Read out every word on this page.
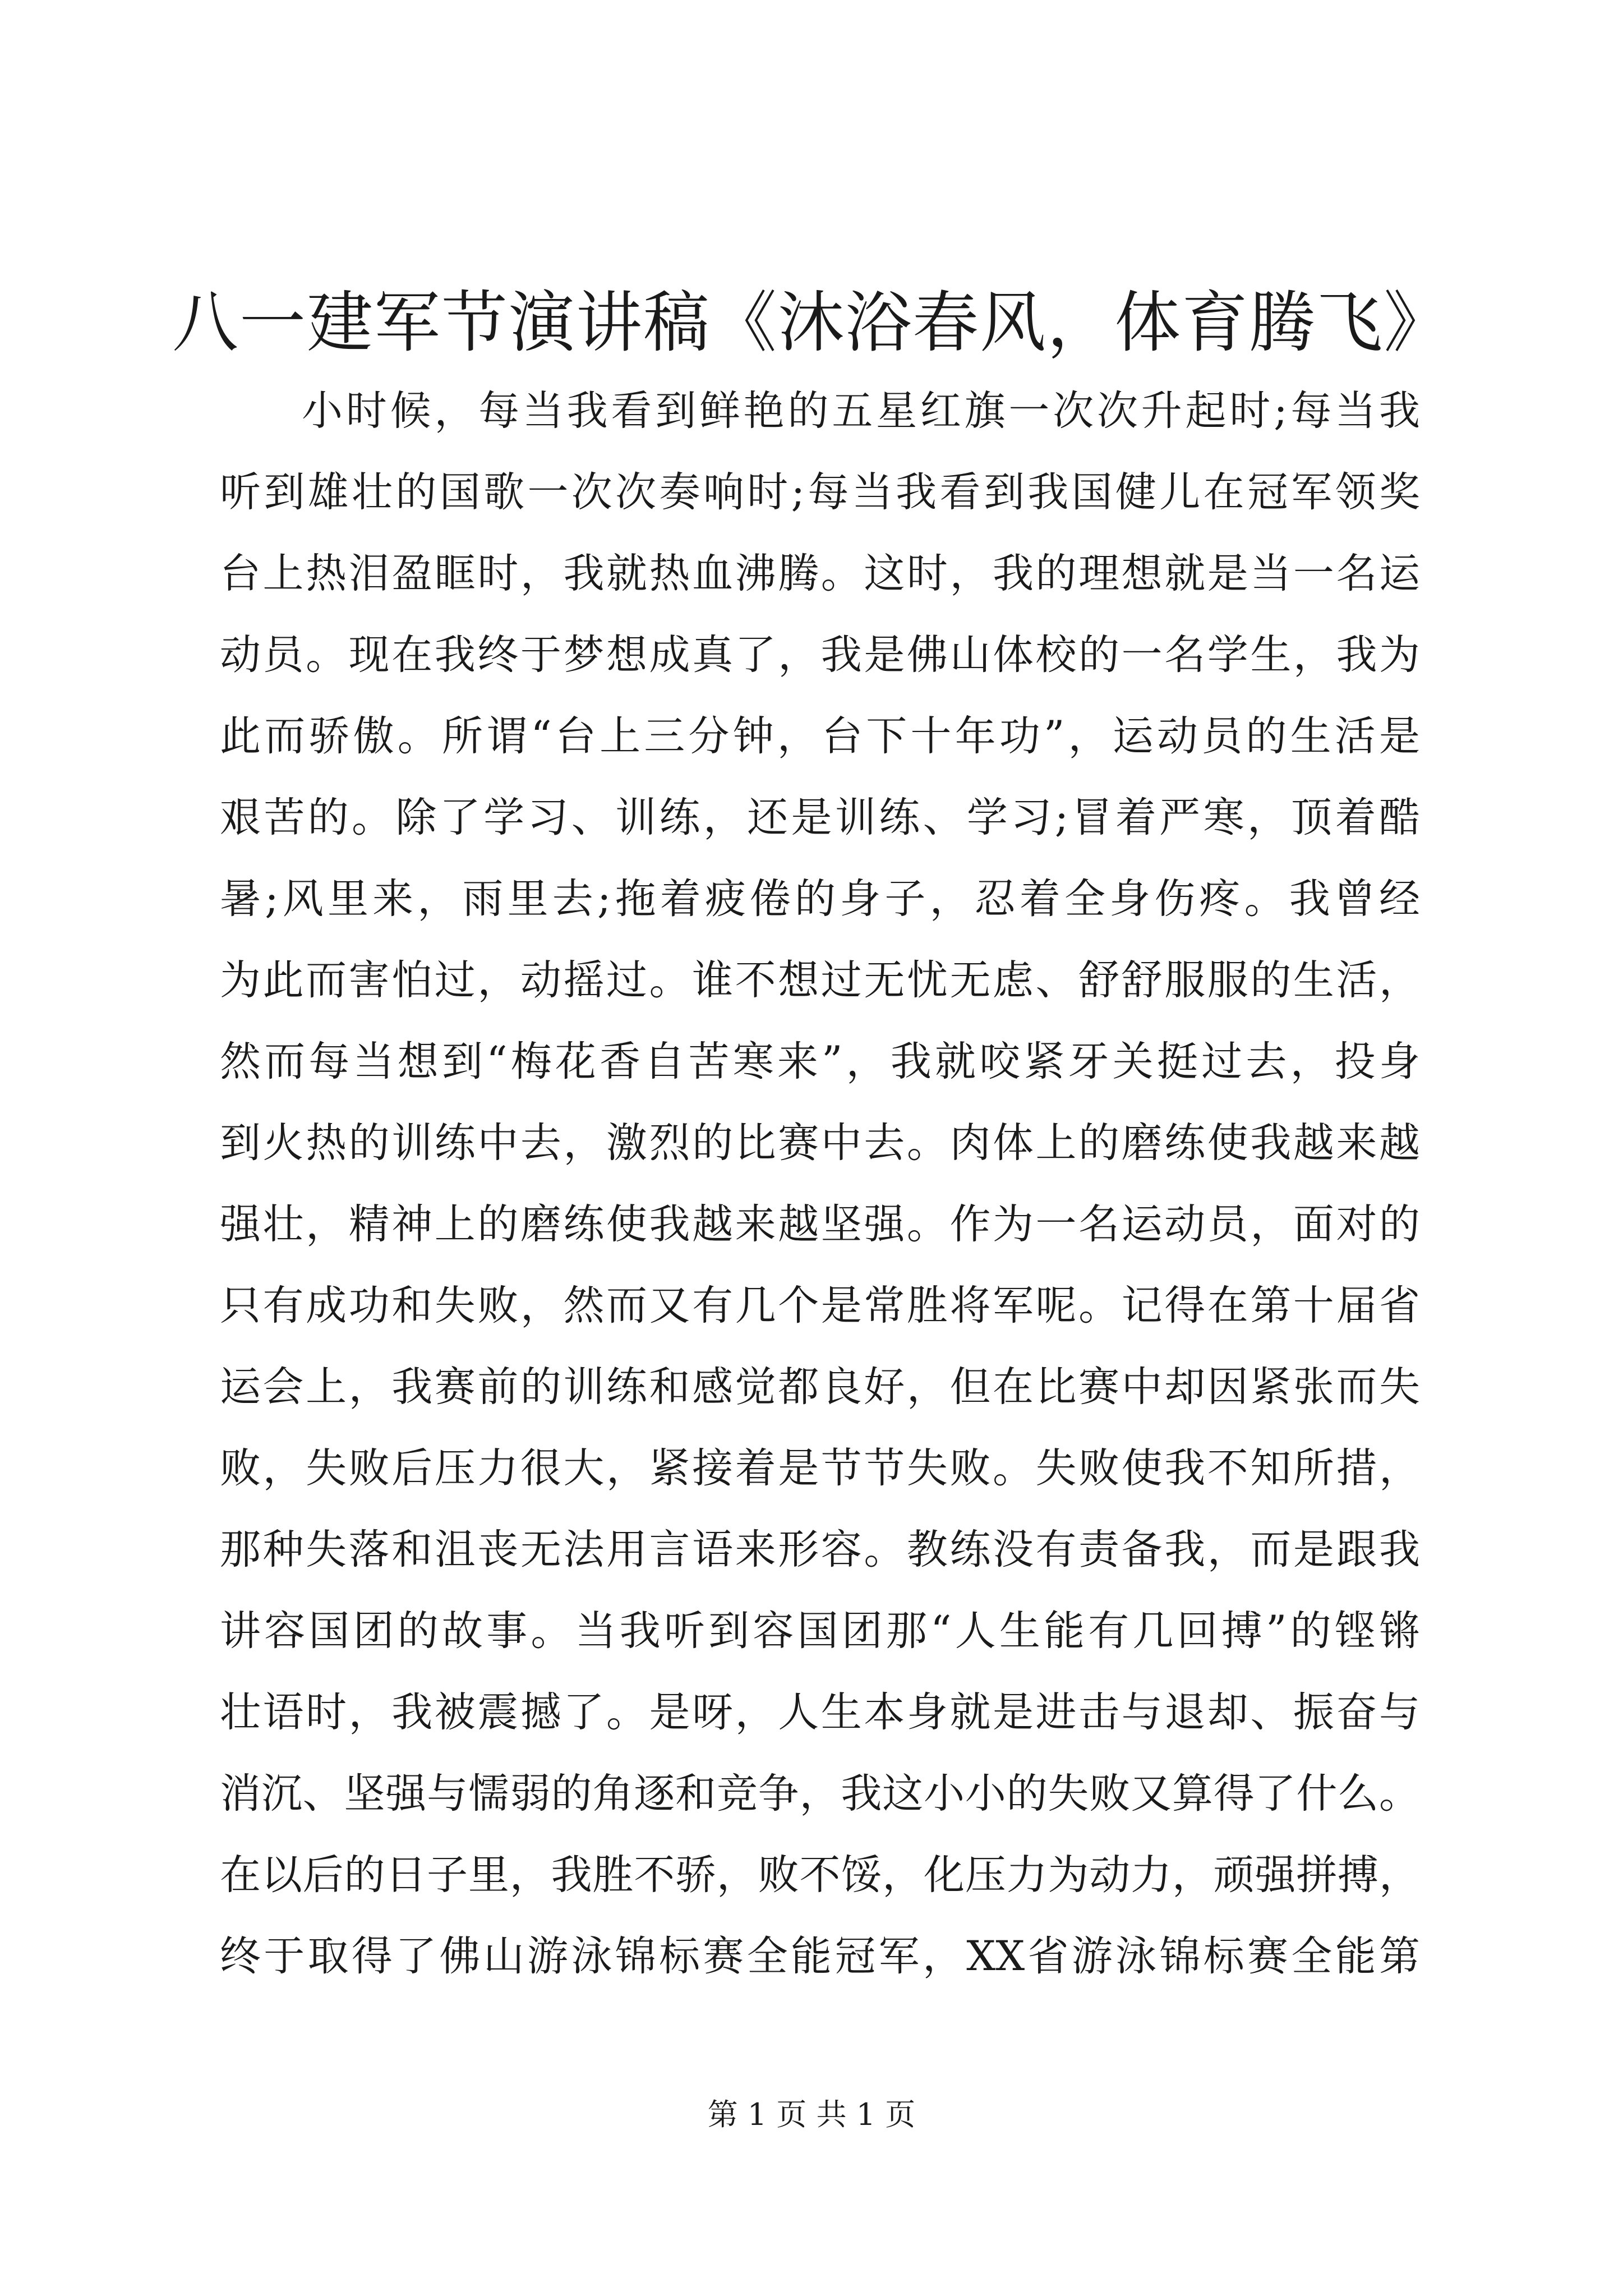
八一建军节演讲稿《沐浴春风，体育腾飞》
小时候，每当我看到鲜艳的五星红旗一次次升起时;每当我
听到雄壮的国歌一次次奏响时;每当我看到我国健儿在冠军领奖
台上热泪盈眶时，我就热血沸腾。这时，我的理想就是当一名运
动员。现在我终于梦想成真了，我是佛山体校的一名学生，我为
此而骄傲。所谓“台上三分钟，台下十年功”，运动员的生活是
艰苦的。除了学习、训练，还是训练、学习;冒着严寒，顶着酷
暑;风里来，雨里去;拖着疲倦的身子，忍着全身伤疼。我曾经
为此而害怕过，动摇过。谁不想过无忧无虑、舒舒服服的生活，
然而每当想到“梅花香自苦寒来”，我就咬紧牙关挺过去，投身
到火热的训练中去，激烈的比赛中去。肉体上的磨练使我越来越
强壮，精神上的磨练使我越来越坚强。作为一名运动员，面对的
只有成功和失败，然而又有几个是常胜将军呢。记得在第十届省
运会上，我赛前的训练和感觉都良好，但在比赛中却因紧张而失
败，失败后压力很大，紧接着是节节失败。失败使我不知所措，
那种失落和沮丧无法用言语来形容。教练没有责备我，而是跟我
讲容国团的故事。当我听到容国团那“人生能有几回搏”的铿锵
壮语时，我被震撼了。是呀，人生本身就是进击与退却、振奋与
消沉、坚强与懦弱的角逐和竞争，我这小小的失败又算得了什么。
在以后的日子里，我胜不骄，败不馁，化压力为动力，顽强拼搏，
终于取得了佛山游泳锦标赛全能冠军，XX省游泳锦标赛全能第
第 1 页 共 1 页
